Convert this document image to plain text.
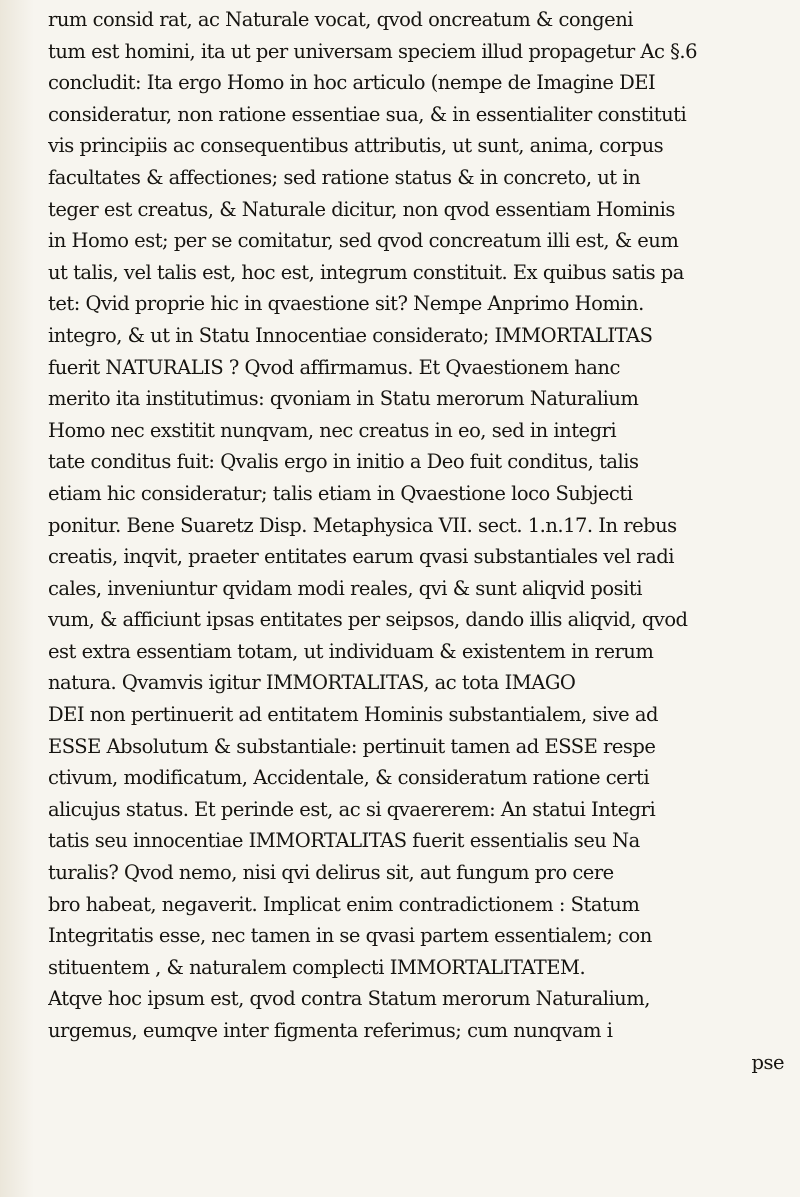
rum consid rat, ac Naturale vocat, qvod oncreatum & congeni
tum est homini, ita ut per universam speciem illud propagetur Ac §.6
concludit: Ita ergo Homo in hoc articulo (nempe de Imagine DEI
consideratur, non ratione essentiae sua, & in essentialiter constituti
vis principiis ac consequentibus attributis, ut sunt, anima, corpus
facultates & affectiones; sed ratione status & in concreto, ut in
teger est creatus, & Naturale dicitur, non qvod essentiam Hominis
in Homo est; per se comitatur, sed qvod concreatum illi est, & eum
ut talis, vel talis est, hoc est, integrum constituit. Ex quibus satis pa
tet: Qvid proprie hic in qvaestione sit? Nempe Anprimo Homin.
integro, & ut in Statu Innocentiae considerato; IMMORTALITAS
fuerit NATURALIS ? Qvod affirmamus. Et Qvaestionem hanc
merito ita institutimus: qvoniam in Statu merorum Naturalium
Homo nec exstitit nunqvam, nec creatus in eo, sed in integri
tate conditus fuit: Qvalis ergo in initio a Deo fuit conditus, talis
etiam hic consideratur; talis etiam in Qvaestione loco Subjecti
ponitur. Bene Suaretz Disp. Metaphysica VII. sect. 1.n.17. In rebus
creatis, inqvit, praeter entitates earum qvasi substantiales vel radi
cales, inveniuntur qvidam modi reales, qvi & sunt aliqvid positi
vum, & afficiunt ipsas entitates per seipsos, dando illis aliqvid, qvod
est extra essentiam totam, ut individuam & existentem in rerum
natura. Qvamvis igitur IMMORTALITAS, ac tota IMAGO
DEI non pertinuerit ad entitatem Hominis substantialem, sive ad
ESSE Absolutum & substantiale: pertinuit tamen ad ESSE respe
ctivum, modificatum, Accidentale, & consideratum ratione certi
alicujus status. Et perinde est, ac si qvaererem: An statui Integri
tatis seu innocentiae IMMORTALITAS fuerit essentialis seu Na
turalis? Qvod nemo, nisi qvi delirus sit, aut fungum pro cere
bro habeat, negaverit. Implicat enim contradictionem : Statum
Integritatis esse, nec tamen in se qvasi partem essentialem; con
stituentem , & naturalem complecti IMMORTALITATEM.
Atqve hoc ipsum est, qvod contra Statum merorum Naturalium,
urgemus, eumqve inter figmenta referimus; cum nunqvam i
pse
